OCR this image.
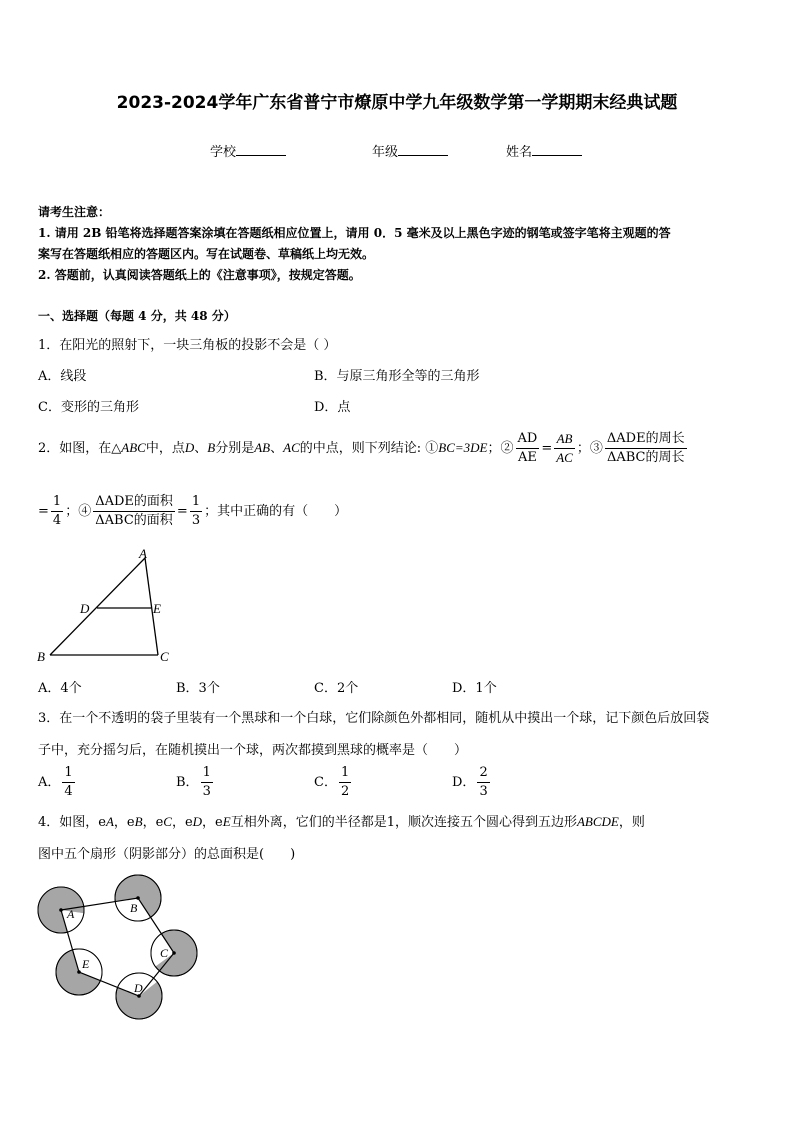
2023-2024学年广东省普宁市燎原中学九年级数学第一学期期末经典试题
学校	年级	姓名
请考生注意：
1. 请用 2B 铅笔将选择题答案涂填在答题纸相应位置上，请用 0．5 毫米及以上黑色字迹的钢笔或签字笔将主观题的答
案写在答题纸相应的答题区内。写在试题卷、草稿纸上均无效。
2. 答题前，认真阅读答题纸上的《注意事项》，按规定答题。
一、选择题（每题 4 分，共 48 分）
1．在阳光的照射下，一块三角板的投影不会是（ ）
A．线段	B．与原三角形全等的三角形
C．变形的三角形	D．点
2．如图，在△ABC中，点D、B分别是AB、AC的中点，则下列结论: ①BC=3DE；② $\frac{AD}{AE} = \frac{AB}{AC}$ ；③ $\frac{\text{ΔADE的周长}}{\text{ΔABC的周长}}$
= $\frac{1}{4}$ ；④ $\frac{\text{ΔADE的面积}}{\text{ΔABC的面积}} = \frac{1}{3}$ ；其中正确的有（　　）
A
D	E
B	C
A．4个	B．3个	C．2个	D．1个
3．在一个不透明的袋子里装有一个黑球和一个白球，它们除颜色外都相同，随机从中摸出一个球，记下颜色后放回袋
子中，充分摇匀后，在随机摸出一个球，两次都摸到黑球的概率是（　　）
A． $\frac{1}{4}$	B． $\frac{1}{3}$	C． $\frac{1}{2}$	D． $\frac{2}{3}$
4．如图，eA，eB，eC，eD，eE互相外离，它们的半径都是1，顺次连接五个圆心得到五边形ABCDE，则
图中五个扇形（阴影部分）的总面积是(　　)
A	B
C
D
E
